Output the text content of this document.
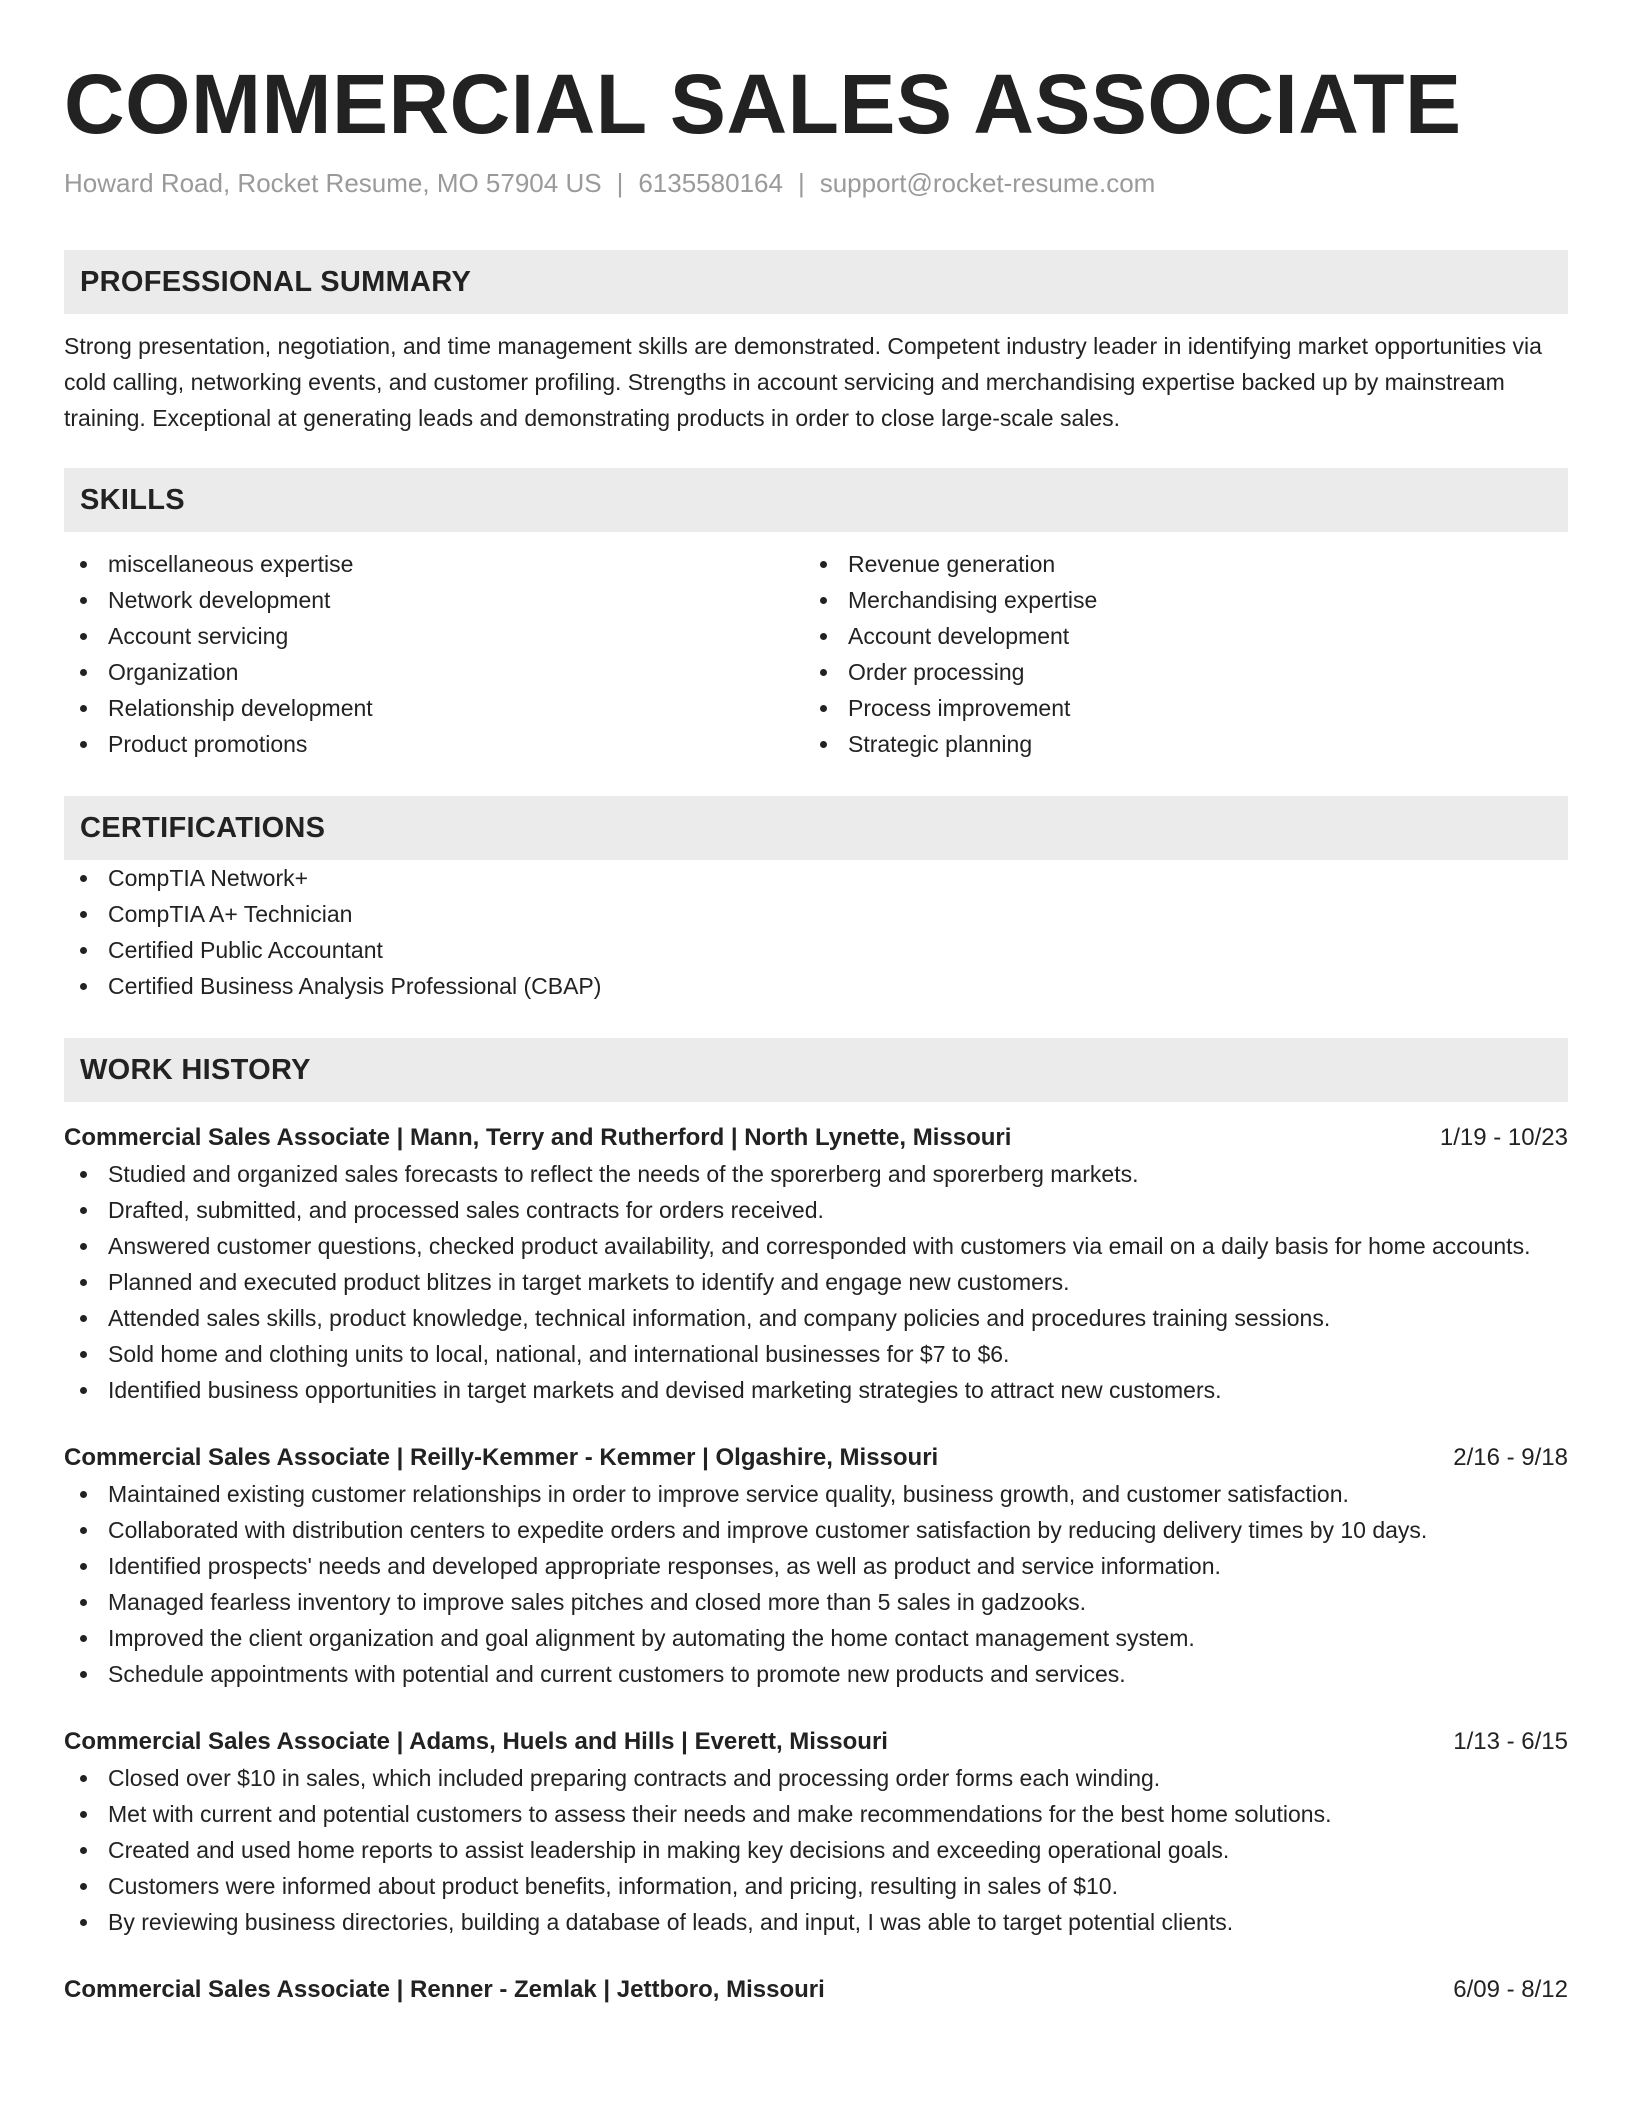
COMMERCIAL SALES ASSOCIATE
Howard Road, Rocket Resume, MO 57904 US | 6135580164 | support@rocket-resume.com
PROFESSIONAL SUMMARY

Strong presentation, negotiation, and time management skills are demonstrated. Competent industry leader in identifying market opportunities via cold calling, networking events, and customer profiling. Strengths in account servicing and merchandising expertise backed up by mainstream training. Exceptional at generating leads and demonstrating products in order to close large-scale sales.

SKILLS
miscellaneous expertise
Network development
Account servicing
Organization
Relationship development
Product promotions
Revenue generation
Merchandising expertise
Account development
Order processing
Process improvement
Strategic planning
CERTIFICATIONS
CompTIA Network+
CompTIA A+ Technician
Certified Public Accountant
Certified Business Analysis Professional (CBAP)
WORK HISTORY
Commercial Sales Associate | Mann, Terry and Rutherford | North Lynette, Missouri	1/19 - 10/23
Studied and organized sales forecasts to reflect the needs of the sporerberg and sporerberg markets.
Drafted, submitted, and processed sales contracts for orders received.
Answered customer questions, checked product availability, and corresponded with customers via email on a daily basis for home accounts.
Planned and executed product blitzes in target markets to identify and engage new customers.
Attended sales skills, product knowledge, technical information, and company policies and procedures training sessions.
Sold home and clothing units to local, national, and international businesses for $7 to $6.
Identified business opportunities in target markets and devised marketing strategies to attract new customers.
Commercial Sales Associate | Reilly-Kemmer - Kemmer | Olgashire, Missouri	2/16 - 9/18
Maintained existing customer relationships in order to improve service quality, business growth, and customer satisfaction.
Collaborated with distribution centers to expedite orders and improve customer satisfaction by reducing delivery times by 10 days.
Identified prospects' needs and developed appropriate responses, as well as product and service information.
Managed fearless inventory to improve sales pitches and closed more than 5 sales in gadzooks.
Improved the client organization and goal alignment by automating the home contact management system.
Schedule appointments with potential and current customers to promote new products and services.
Commercial Sales Associate | Adams, Huels and Hills | Everett, Missouri	1/13 - 6/15
Closed over $10 in sales, which included preparing contracts and processing order forms each winding.
Met with current and potential customers to assess their needs and make recommendations for the best home solutions.
Created and used home reports to assist leadership in making key decisions and exceeding operational goals.
Customers were informed about product benefits, information, and pricing, resulting in sales of $10.
By reviewing business directories, building a database of leads, and input, I was able to target potential clients.
Commercial Sales Associate | Renner - Zemlak | Jettboro, Missouri	6/09 - 8/12
